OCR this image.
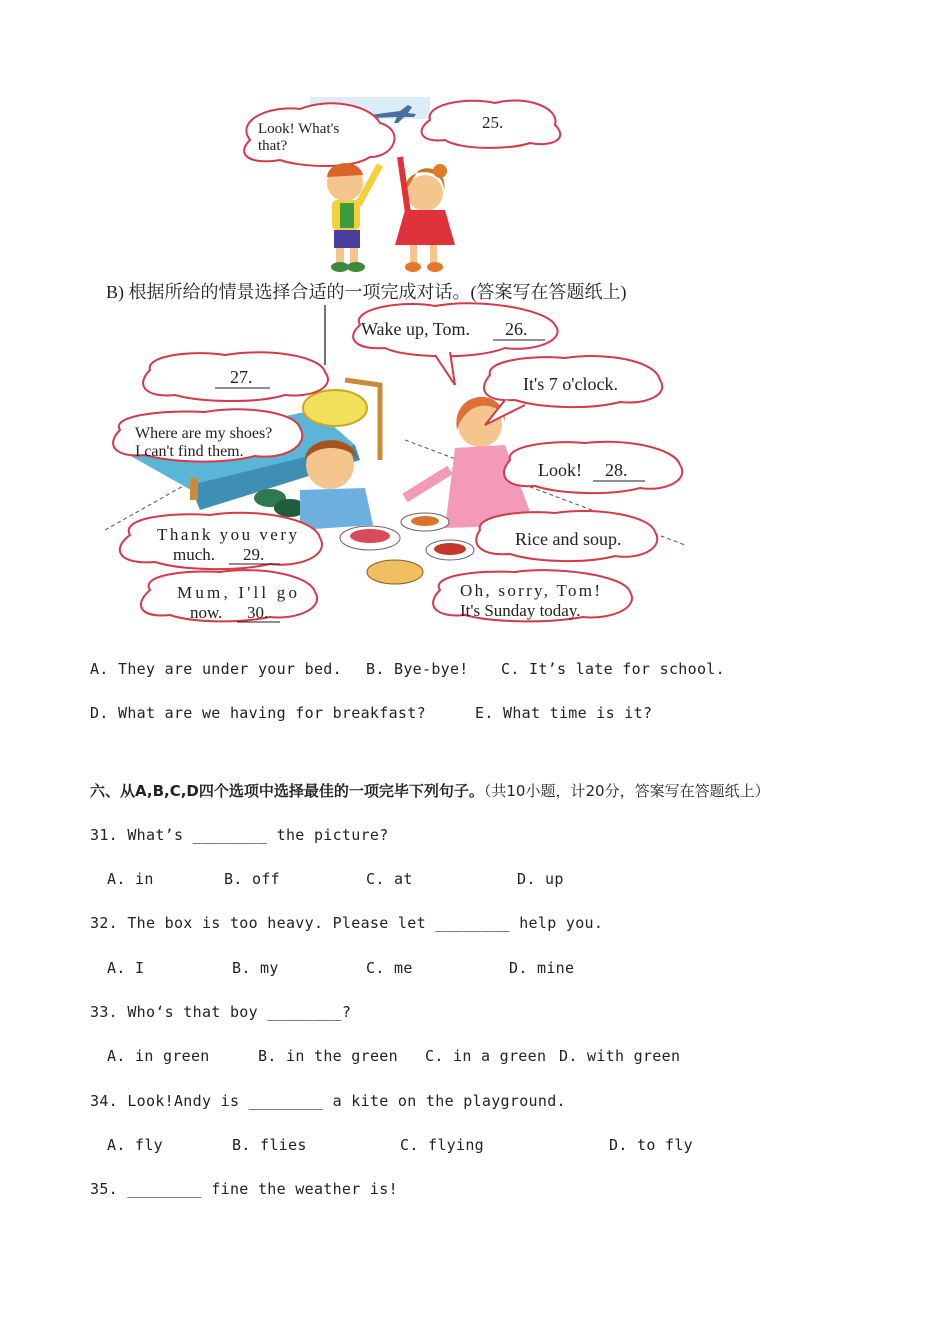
Look! What's
that?
25.
B) 根据所给的情景选择合适的一项完成对话。(答案写在答题纸上)
Wake up, Tom. 26.
27.	It's 7 o'clock.
Where are my shoes?
I can't find them.
Look! 28.
Thank you very
much. 29.
Rice and soup.
Mum, I'll go
now. 30.
Oh, sorry, Tom!
It's Sunday today.
A. They are under your bed. B. Bye-bye! C. It’s late for school.
D. What are we having for breakfast?	E. What time is it?
六、从A,B,C,D四个选项中选择最佳的一项完毕下列句子。（共10小题，计20分，答案写在答题纸上）
31. What’s ________ the picture?
A. in	B. off	C. at	D. up
32. The box is too heavy. Please let ________ help you.
A. I	B. my	C. me	D. mine
33. Who‘s that boy ________?
A. in green	B. in the green C. in a green D. with green
34. Look!Andy is ________ a kite on the playground.
A. fly	B. flies	C. flying	D. to fly
35. ________ fine the weather is!
